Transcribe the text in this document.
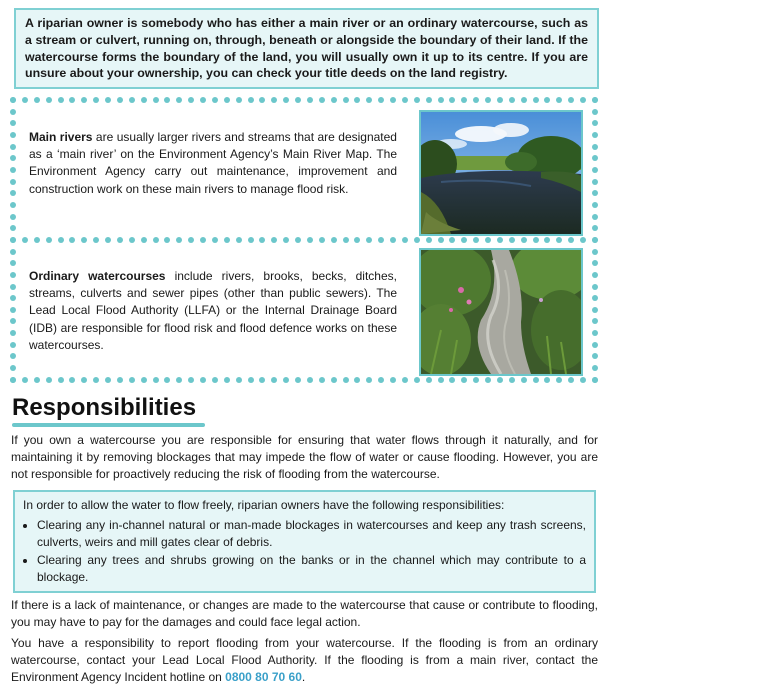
A riparian owner is somebody who has either a main river or an ordinary watercourse, such as a stream or culvert, running on, through, beneath or alongside the boundary of their land. If the watercourse forms the boundary of the land, you will usually own it up to its centre. If you are unsure about your ownership, you can check your title deeds on the land registry.
Main rivers are usually larger rivers and streams that are designated as a ‘main river’ on the Environment Agency’s Main River Map. The Environment Agency carry out maintenance, improvement and construction work on these main rivers to manage flood risk.
Ordinary watercourses include rivers, brooks, becks, ditches, streams, culverts and sewer pipes (other than public sewers). The Lead Local Flood Authority (LLFA) or the Internal Drainage Board (IDB) are responsible for flood risk and flood defence works on these watercourses.
Responsibilities
If you own a watercourse you are responsible for ensuring that water flows through it naturally, and for maintaining it by removing blockages that may impede the flow of water or cause flooding. However, you are not responsible for proactively reducing the risk of flooding from the watercourse.
In order to allow the water to flow freely, riparian owners have the following responsibilities:
• Clearing any in-channel natural or man-made blockages in watercourses and keep any trash screens, culverts, weirs and mill gates clear of debris.
• Clearing any trees and shrubs growing on the banks or in the channel which may contribute to a blockage.
If there is a lack of maintenance, or changes are made to the watercourse that cause or contribute to flooding, you may have to pay for the damages and could face legal action.
You have a responsibility to report flooding from your watercourse. If the flooding is from an ordinary watercourse, contact your Lead Local Flood Authority. If the flooding is from a main river, contact the Environment Agency Incident hotline on 0800 80 70 60.
